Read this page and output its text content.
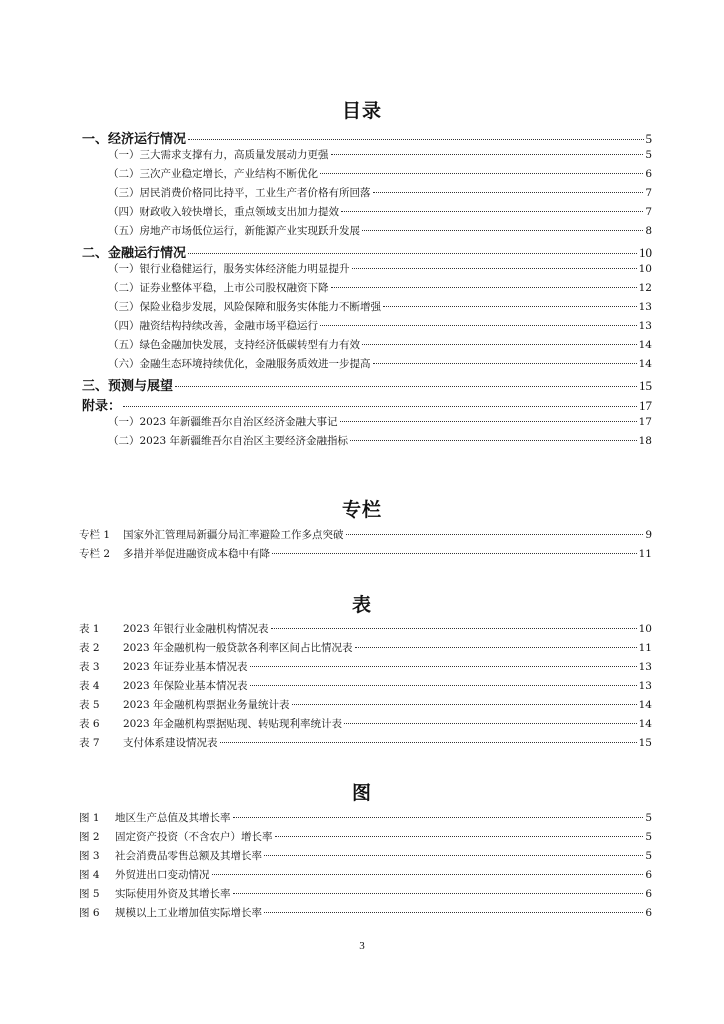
目录
一、经济运行情况	5
（一）三大需求支撑有力，高质量发展动力更强	5
（二）三次产业稳定增长，产业结构不断优化	6
（三）居民消费价格同比持平，工业生产者价格有所回落	7
（四）财政收入较快增长，重点领域支出加力提效	7
（五）房地产市场低位运行，新能源产业实现跃升发展	8
二、金融运行情况	10
（一）银行业稳健运行，服务实体经济能力明显提升	10
（二）证券业整体平稳，上市公司股权融资下降	12
（三）保险业稳步发展，风险保障和服务实体能力不断增强	13
（四）融资结构持续改善，金融市场平稳运行	13
（五）绿色金融加快发展，支持经济低碳转型有力有效	14
（六）金融生态环境持续优化，金融服务质效进一步提高	14
三、预测与展望	15
附录：	17
（一）2023 年新疆维吾尔自治区经济金融大事记	17
（二）2023 年新疆维吾尔自治区主要经济金融指标	18
专栏
专栏 1	国家外汇管理局新疆分局汇率避险工作多点突破	9
专栏 2	多措并举促进融资成本稳中有降	11
表
表 1	2023 年银行业金融机构情况表	10
表 2	2023 年金融机构一般贷款各利率区间占比情况表	11
表 3	2023 年证券业基本情况表	13
表 4	2023 年保险业基本情况表	13
表 5	2023 年金融机构票据业务量统计表	14
表 6	2023 年金融机构票据贴现、转贴现利率统计表	14
表 7	支付体系建设情况表	15
图
图 1	地区生产总值及其增长率	5
图 2	固定资产投资（不含农户）增长率	5
图 3	社会消费品零售总额及其增长率	5
图 4	外贸进出口变动情况	6
图 5	实际使用外资及其增长率	6
图 6	规模以上工业增加值实际增长率	6
3
